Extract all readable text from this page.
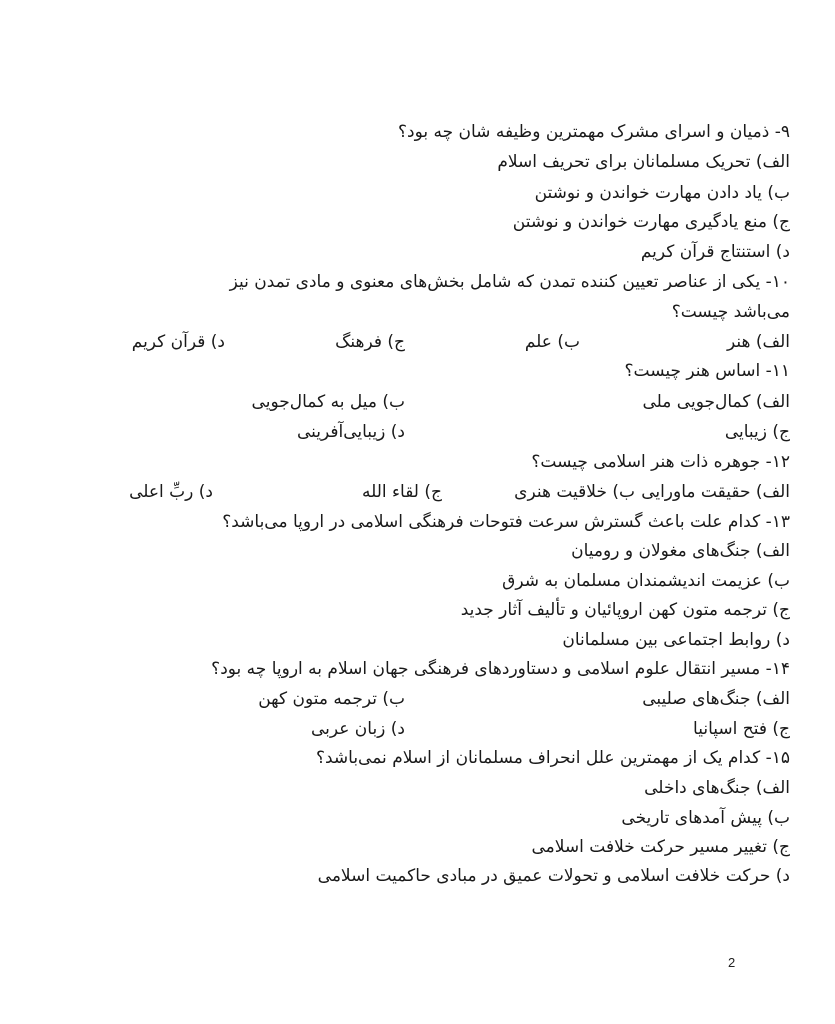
۹- ذمیان و اسرای مشرک مهمترین وظیفه شان چه بود؟
الف) تحریک مسلمانان برای تحریف اسلام
ب) یاد دادن مهارت خواندن و نوشتن
ج) منع یادگیری مهارت خواندن و نوشتن
د) استنتاج قرآن کریم
۱۰- یکی از عناصر تعیین کننده تمدن که شامل بخش‌های معنوی و مادی تمدن نیز
می‌باشد چیست؟
الف) هنر
ب) علم
ج) فرهنگ
د) قرآن کریم
۱۱- اساس هنر چیست؟
الف) کمال‌جویی ملی
ب) میل به کمال‌جویی
ج) زیبایی
د) زیبایی‌آفرینی
۱۲- جوهره ذات هنر اسلامی چیست؟
الف) حقیقت ماورایی
ب) خلاقیت هنری
ج) لقاء الله
د) ربِّ اعلی
۱۳- کدام علت باعث گسترش سرعت فتوحات فرهنگی اسلامی در اروپا می‌باشد؟
الف) جنگ‌های مغولان و رومیان
ب) عزیمت اندیشمندان مسلمان به شرق
ج) ترجمه متون کهن اروپائیان و تألیف آثار جدید
د) روابط اجتماعی بین مسلمانان
۱۴- مسیر انتقال علوم اسلامی و دستاوردهای فرهنگی جهان اسلام به اروپا چه بود؟
الف) جنگ‌های صلیبی
ب) ترجمه متون کهن
ج) فتح اسپانیا
د) زبان عربی
۱۵- کدام یک از مهمترین علل انحراف مسلمانان از اسلام نمی‌باشد؟
الف) جنگ‌های داخلی
ب) پیش آمدهای تاریخی
ج) تغییر مسیر حرکت خلافت اسلامی
د) حرکت خلافت اسلامی و تحولات عمیق در مبادی حاکمیت اسلامی
2
